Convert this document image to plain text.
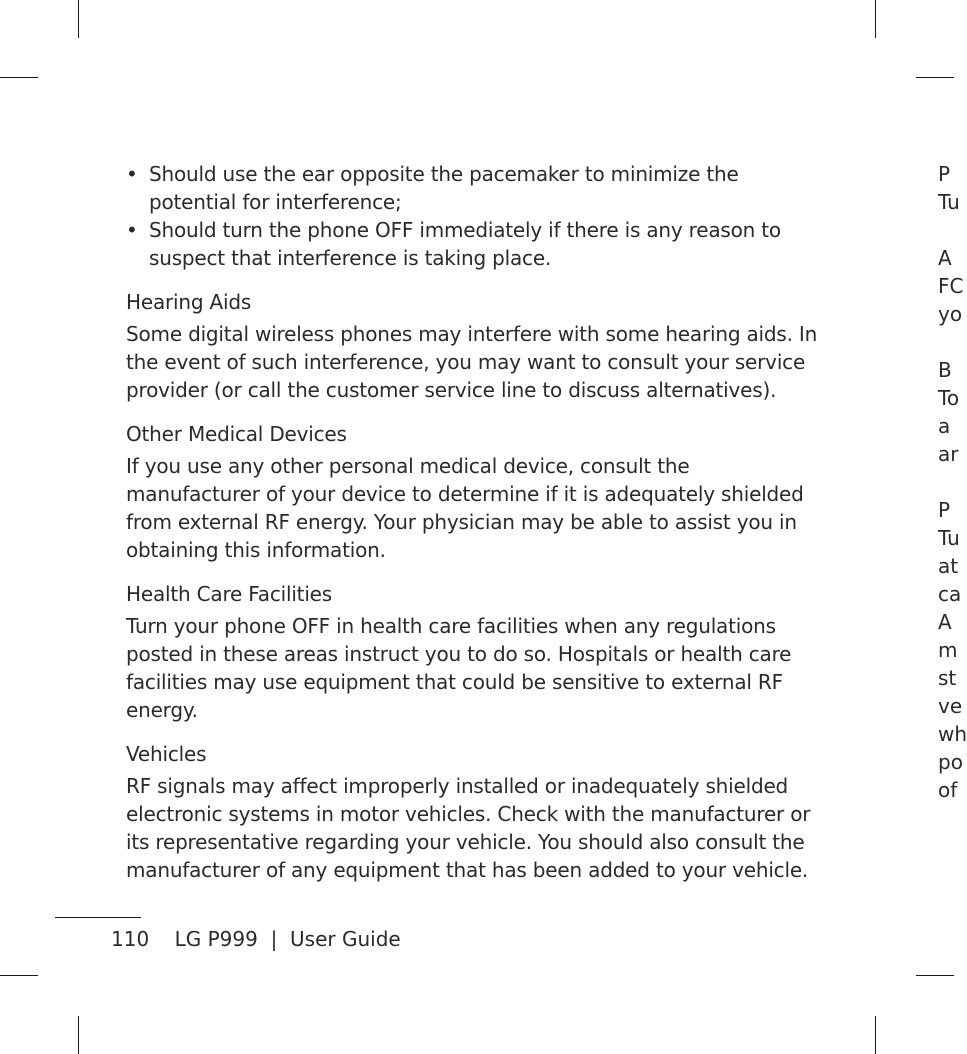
• Should use the ear opposite the pacemaker to minimize the potential for interference;
• Should turn the phone OFF immediately if there is any reason to suspect that interference is taking place.
Hearing Aids

Some digital wireless phones may interfere with some hearing aids. In the event of such interference, you may want to consult your service provider (or call the customer service line to discuss alternatives).

Other Medical Devices

If you use any other personal medical device, consult the manufacturer of your device to determine if it is adequately shielded from external RF energy. Your physician may be able to assist you in obtaining this information.

Health Care Facilities

Turn your phone OFF in health care facilities when any regulations posted in these areas instruct you to do so. Hospitals or health care facilities may use equipment that could be sensitive to external RF energy.

Vehicles

RF signals may affect improperly installed or inadequately shielded electronic systems in motor vehicles. Check with the manufacturer or its representative regarding your vehicle. You should also consult the manufacturer of any equipment that has been added to your vehicle.

110 LG P999 | User Guide
P
Tu
A
FC
yo
B
To
a
ar
P
Tu
at
ca
A
m
st
ve
wh
po
of
